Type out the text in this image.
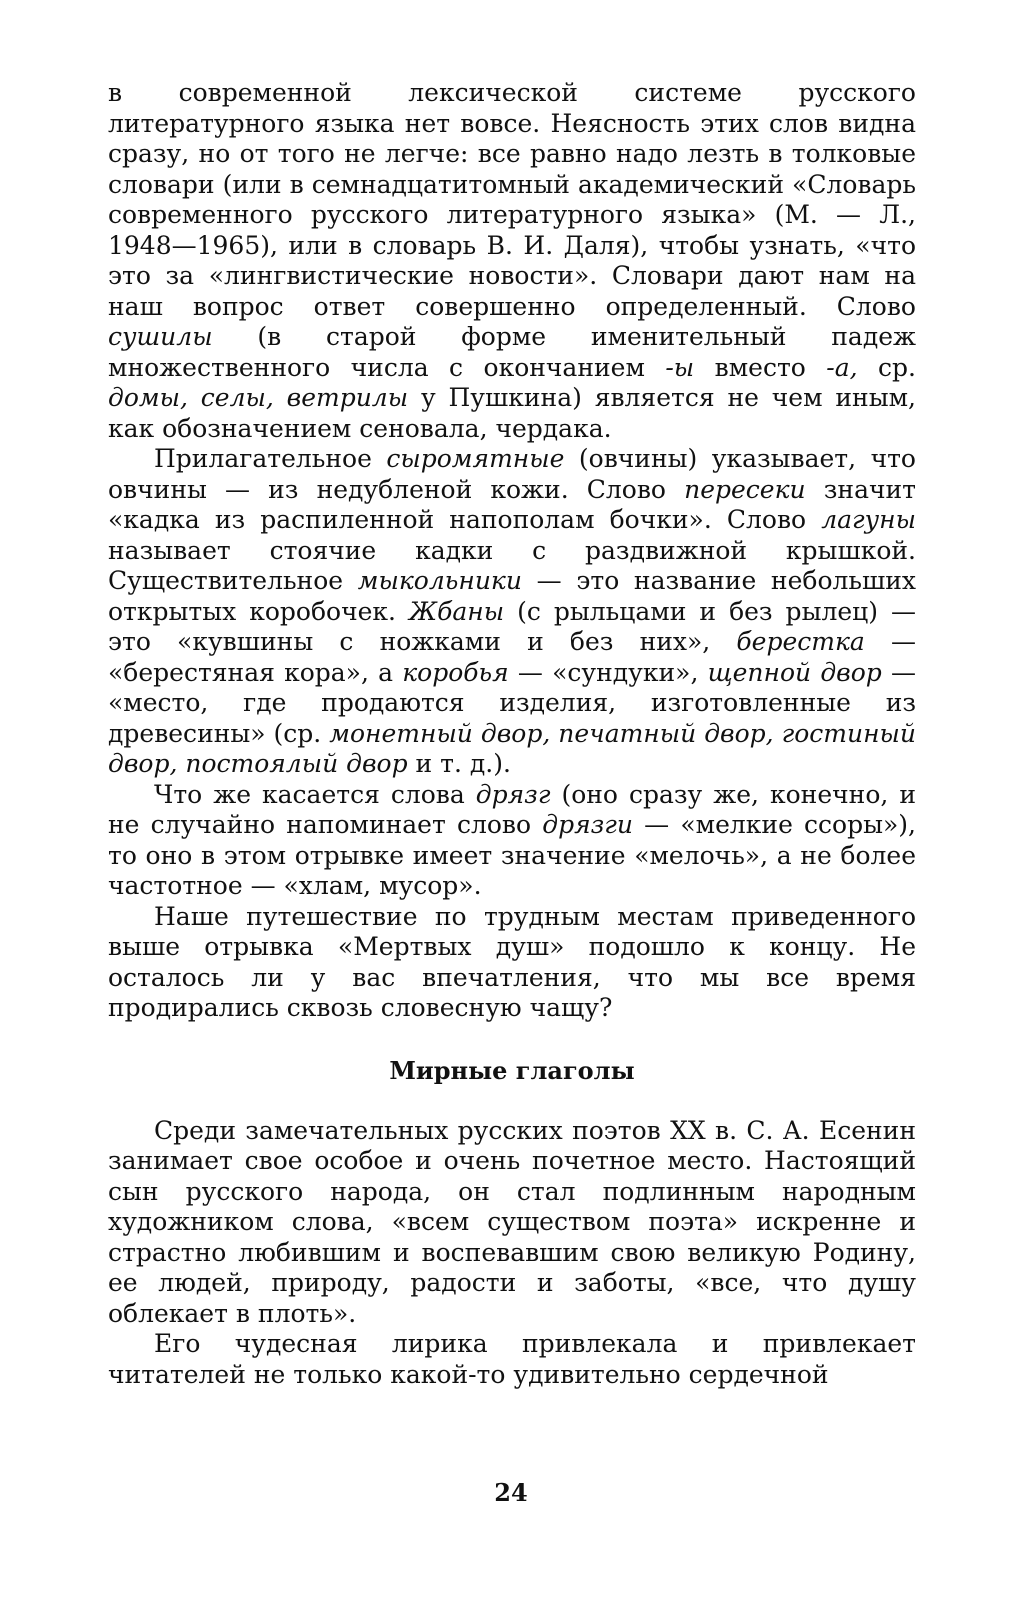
в современной лексической системе русского литературного языка нет вовсе. Неясность этих слов видна сразу, но от того не легче: все равно надо лезть в толковые словари (или в семнадцатитомный академический «Словарь современного русского литературного языка» (М. — Л., 1948—1965), или в словарь В. И. Даля), чтобы узнать, «что это за «лингвистические новости». Словари дают нам на наш вопрос ответ совершенно определенный. Слово сушилы (в старой форме именительный падеж множественного числа с окончанием -ы вместо -а, ср. домы, селы, ветрилы у Пушкина) является не чем иным, как обозначением сеновала, чердака.

Прилагательное сыромятные (овчины) указывает, что овчины — из недубленой кожи. Слово пересеки значит «кадка из распиленной напополам бочки». Слово лагуны называет стоячие кадки с раздвижной крышкой. Существительное мыкольники — это название небольших открытых коробочек. Жбаны (с рыльцами и без рылец) — это «кувшины с ножками и без них», берестка — «берестяная кора», а коробья — «сундуки», щепной двор — «место, где продаются изделия, изготовленные из древесины» (ср. монетный двор, печатный двор, гостиный двор, постоялый двор и т. д.).

Что же касается слова дрязг (оно сразу же, конечно, и не случайно напоминает слово дрязги — «мелкие ссоры»), то оно в этом отрывке имеет значение «мелочь», а не более частотное — «хлам, мусор».

Наше путешествие по трудным местам приведенного выше отрывка «Мертвых душ» подошло к концу. Не осталось ли у вас впечатления, что мы все время продирались сквозь словесную чащу?

Мирные глаголы

Среди замечательных русских поэтов XX в. С. А. Есенин занимает свое особое и очень почетное место. Настоящий сын русского народа, он стал подлинным народным художником слова, «всем существом поэта» искренне и страстно любившим и воспевавшим свою великую Родину, ее людей, природу, радости и заботы, «все, что душу облекает в плоть».

Его чудесная лирика привлекала и привлекает читателей не только какой-то удивительно сердечной

24
